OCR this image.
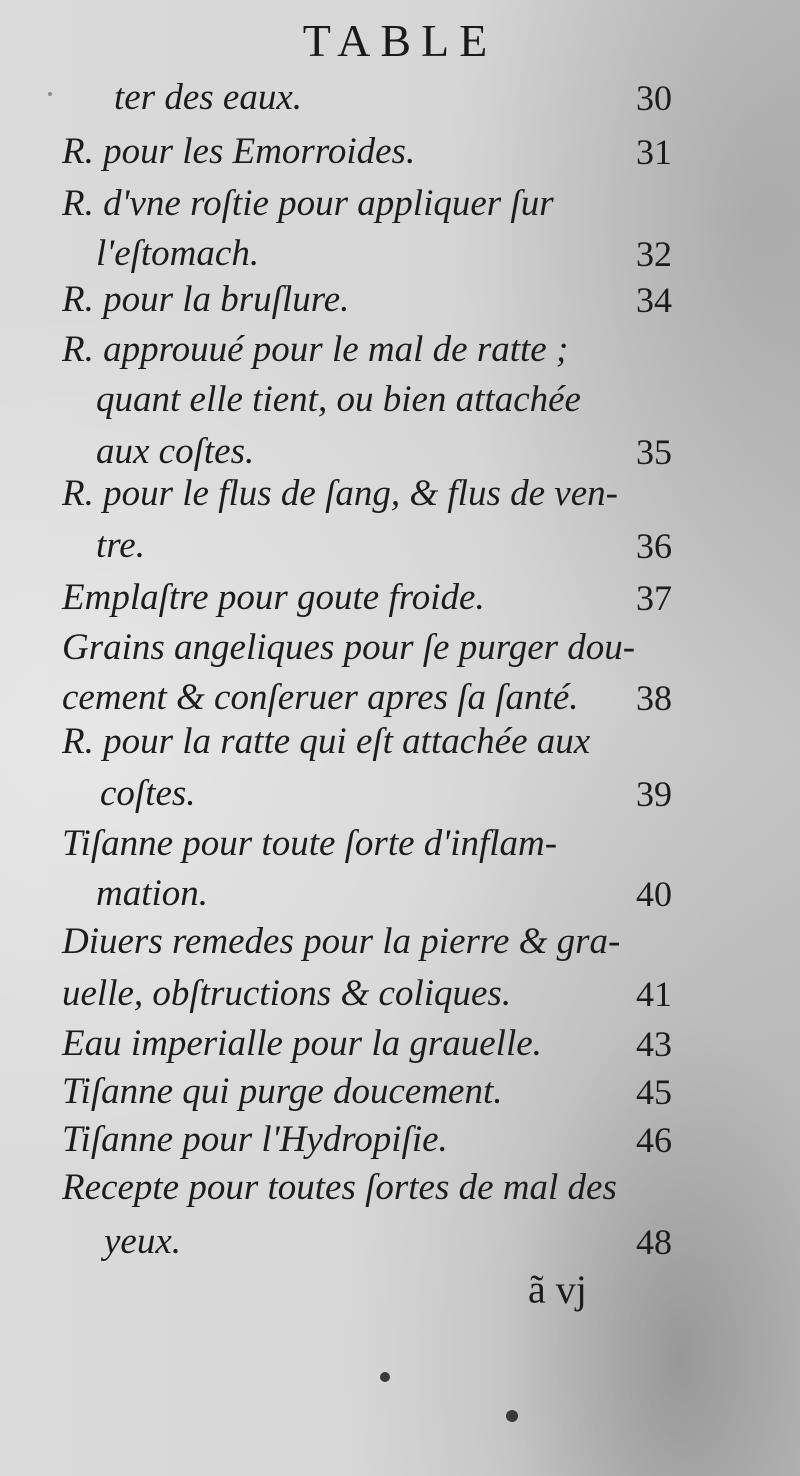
TABLE
ter des eaux.	30
R. pour les Emorroides.	31
R. d'vne roſtie pour appliquer ſur
l'eſtomach.	32
R. pour la bruſlure.	34
R. approuué pour le mal de ratte ;
quant elle tient, ou bien attachée
aux coſtes.	35
R. pour le flus de ſang, & flus de ven-
tre.	36
Emplaſtre pour goute froide.	37
Grains angeliques pour ſe purger dou-
cement & conſeruer apres ſa ſanté. 38
R. pour la ratte qui eſt attachée aux
coſtes.	39
Tiſanne pour toute ſorte d'inflam-
mation.	40
Diuers remedes pour la pierre & gra-
uelle, obſtructions & coliques.	41
Eau imperialle pour la grauelle.	43
Tiſanne qui purge doucement.	45
Tiſanne pour l'Hydropiſie.	46
Recepte pour toutes ſortes de mal des
yeux.	48
ã vj
